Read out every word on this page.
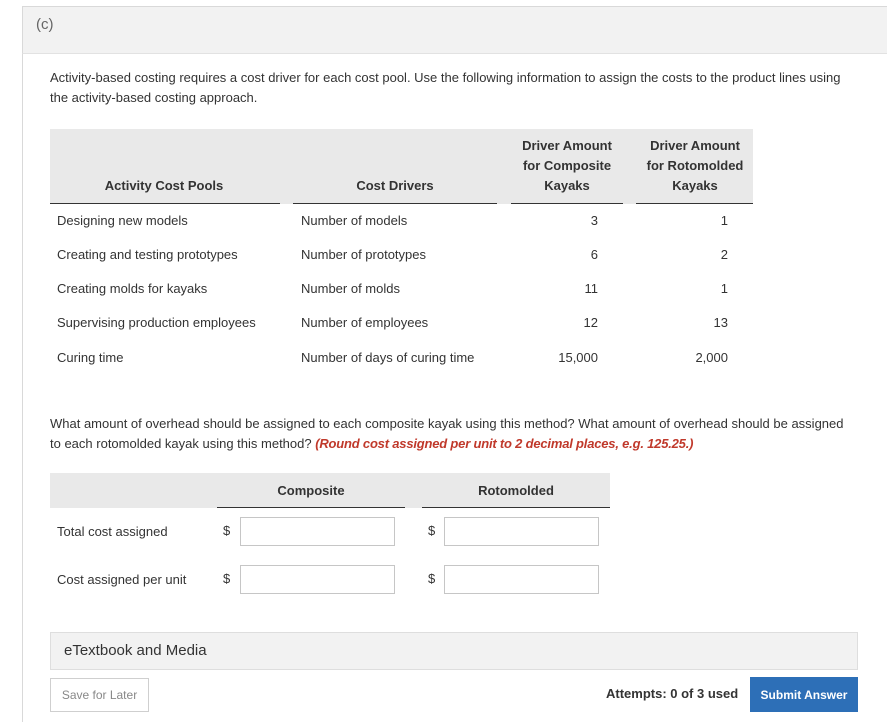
(c)
Activity-based costing requires a cost driver for each cost pool. Use the following information to assign the costs to the product lines using the activity-based costing approach.
Activity Cost Pools	Cost Drivers
Driver Amount
for Composite
Kayaks
Driver Amount
for Rotomolded
Kayaks
Designing new models	Number of models	3	1
Creating and testing prototypes	Number of prototypes	6	2
Creating molds for kayaks	Number of molds	11	1
Supervising production employees	Number of employees	12	13
Curing time	Number of days of curing time	15,000	2,000
What amount of overhead should be assigned to each composite kayak using this method? What amount of overhead should be assigned to each rotomolded kayak using this method? (Round cost assigned per unit to 2 decimal places, e.g. 125.25.)
Composite	Rotomolded
Total cost assigned	$	$
Cost assigned per unit	$	$
eTextbook and Media
Save for Later	Attempts: 0 of 3 used	Submit Answer
